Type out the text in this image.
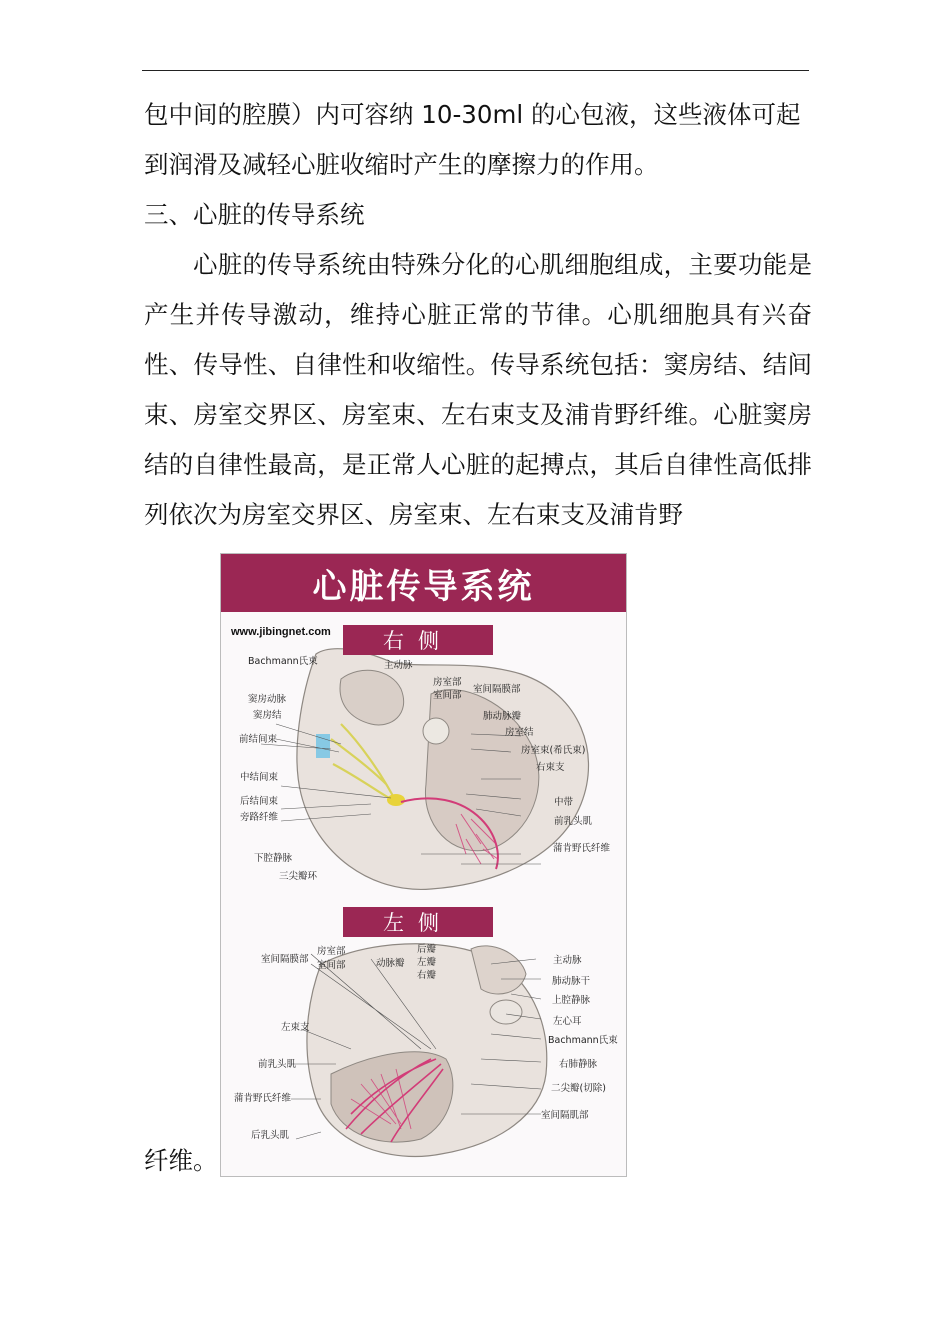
包中间的腔膜）内可容纳 10-30ml 的心包液，这些液体可起到润滑及减轻心脏收缩时产生的摩擦力的作用。
三、心脏的传导系统
心脏的传导系统由特殊分化的心肌细胞组成，主要功能是产生并传导激动，维持心脏正常的节律。心肌细胞具有兴奋性、传导性、自律性和收缩性。传导系统包括：窦房结、结间束、房室交界区、房室束、左右束支及浦肯野纤维。心脏窦房结的自律性最高，是正常人心脏的起搏点，其后自律性高低排列依次为房室交界区、房室束、左右束支及浦肯野
纤维。
心脏传导系统
www.jibingnet.com	右侧
左侧
Bachmann氏束	主动脉
房室部
室间部
室间隔膜部
窦房动脉
窦房结	肺动脉瓣
前结间束
房室结
房室束(希氏束)
右束支
中结间束
后结间束
旁路纤维
中带
前乳头肌
蒲肯野氏纤维
下腔静脉
三尖瓣环
室间隔膜部
房室部
室间部	动脉瓣
后瓣
左瓣
右瓣
主动脉
肺动脉干
上腔静脉
左束支
左心耳
Bachmann氏束
前乳头肌	右肺静脉
二尖瓣(切除)
蒲肯野氏纤维
室间隔肌部
后乳头肌
